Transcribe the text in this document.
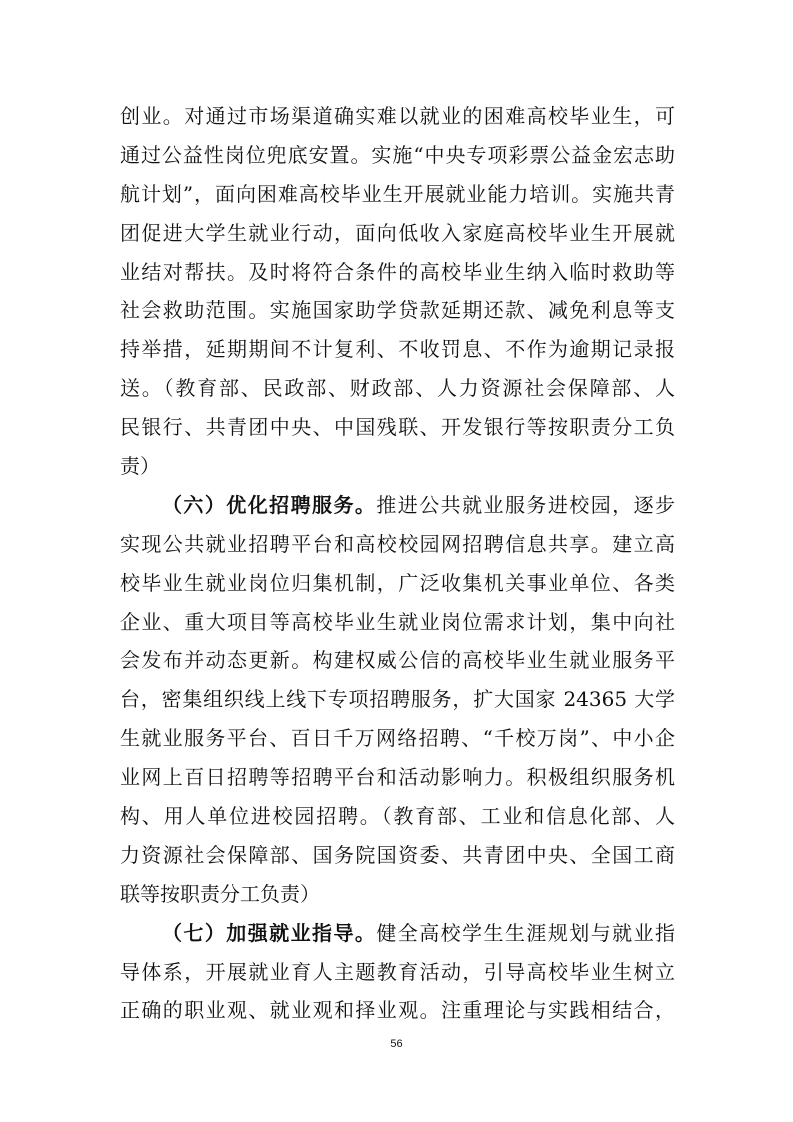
创业。对通过市场渠道确实难以就业的困难高校毕业生，可
通过公益性岗位兜底安置。实施“中央专项彩票公益金宏志助
航计划”，面向困难高校毕业生开展就业能力培训。实施共青
团促进大学生就业行动，面向低收入家庭高校毕业生开展就
业结对帮扶。及时将符合条件的高校毕业生纳入临时救助等
社会救助范围。实施国家助学贷款延期还款、减免利息等支
持举措，延期期间不计复利、不收罚息、不作为逾期记录报
送。（教育部、民政部、财政部、人力资源社会保障部、人
民银行、共青团中央、中国残联、开发银行等按职责分工负
责）
（六）优化招聘服务。推进公共就业服务进校园，逐步
实现公共就业招聘平台和高校校园网招聘信息共享。建立高
校毕业生就业岗位归集机制，广泛收集机关事业单位、各类
企业、重大项目等高校毕业生就业岗位需求计划，集中向社
会发布并动态更新。构建权威公信的高校毕业生就业服务平
台，密集组织线上线下专项招聘服务，扩大国家 24365 大学
生就业服务平台、百日千万网络招聘、“千校万岗”、中小企
业网上百日招聘等招聘平台和活动影响力。积极组织服务机
构、用人单位进校园招聘。（教育部、工业和信息化部、人
力资源社会保障部、国务院国资委、共青团中央、全国工商
联等按职责分工负责）
（七）加强就业指导。健全高校学生生涯规划与就业指
导体系，开展就业育人主题教育活动，引导高校毕业生树立
正确的职业观、就业观和择业观。注重理论与实践相结合，
56
